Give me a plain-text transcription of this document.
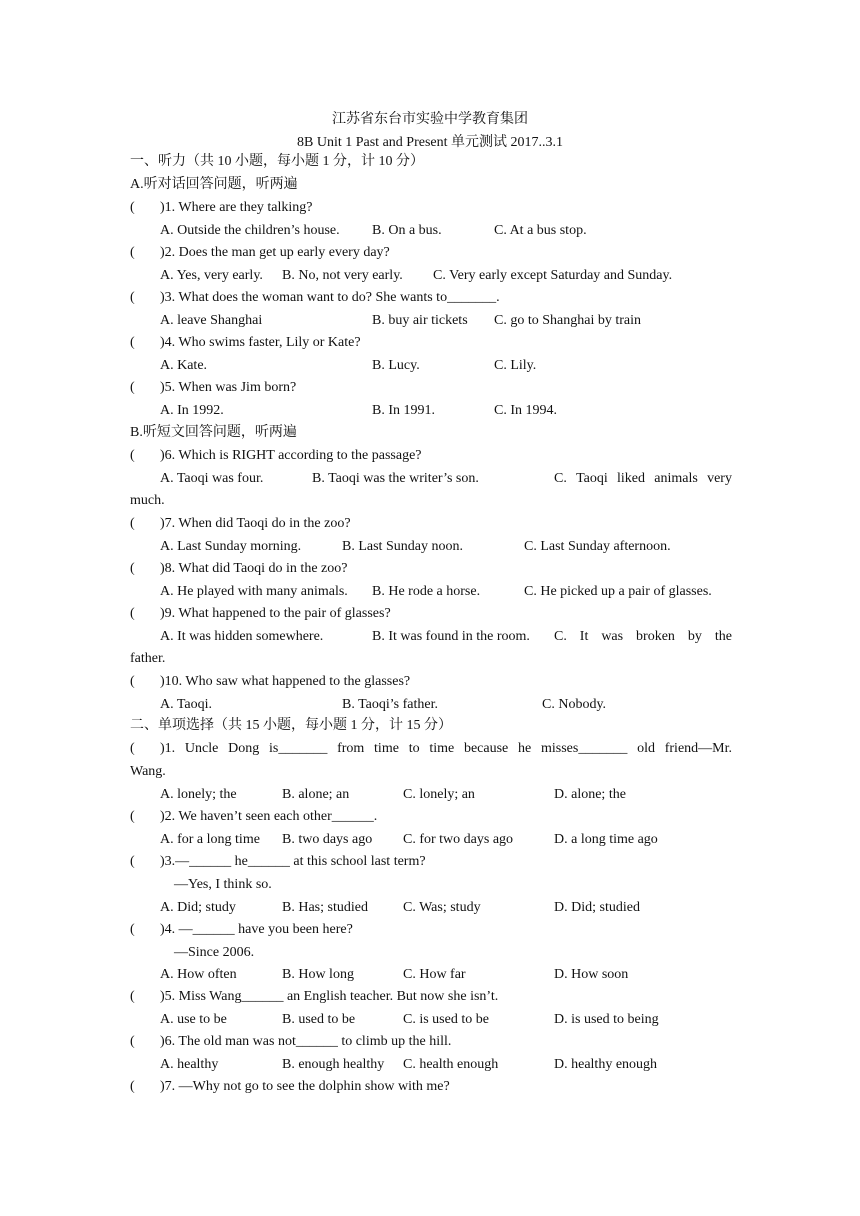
江苏省东台市实验中学教育集团
8B Unit 1 Past and Present 单元测试 2017..3.1
一、听力（共 10 小题，每小题 1 分，计 10 分）
A.听对话回答问题，听两遍
( )1. Where are they talking?
A. Outside the children’s house. B. On a bus.	C. At a bus stop.
( )2. Does the man get up early every day?
A. Yes, very early. B. No, not very early. C. Very early except Saturday and Sunday.
( )3. What does the woman want to do? She wants to_______.
A. leave Shanghai	B. buy air tickets C. go to Shanghai by train
( )4. Who swims faster, Lily or Kate?
A. Kate.	B. Lucy.	C. Lily.
( )5. When was Jim born?
A. In 1992.	B. In 1991.	C. In 1994.
B.听短文回答问题，听两遍
( )6. Which is RIGHT according to the passage?
A. Taoqi was four.	B. Taoqi was the writer’s son.	C. Taoqi liked animals very
much.
( )7. When did Taoqi do in the zoo?
A. Last Sunday morning.	B. Last Sunday noon.	C. Last Sunday afternoon.
( )8. What did Taoqi do in the zoo?
A. He played with many animals. B. He rode a horse.	C. He picked up a pair of glasses.
( )9. What happened to the pair of glasses?
A. It was hidden somewhere.	B. It was found in the room. C. It was broken by the
father.
( )10. Who saw what happened to the glasses?
A. Taoqi.	B. Taoqi’s father.	C. Nobody.
二、单项选择（共 15 小题，每小题 1 分，计 15 分）
( )1. Uncle Dong is_______ from time to time because he misses_______ old friend—Mr.
Wang.
A. lonely; the	B. alone; an	C. lonely; an	D. alone; the
( )2. We haven’t seen each other______.
A. for a long time B. two days ago C. for two days ago	D. a long time ago
( )3.—______ he______ at this school last term?
—Yes, I think so.
A. Did; study	B. Has; studied	C. Was; study	D. Did; studied
( )4. —______ have you been here?
—Since 2006.
A. How often	B. How long	C. How far	D. How soon
( )5. Miss Wang______ an English teacher. But now she isn’t.
A. use to be	B. used to be	C. is used to be	D. is used to being
( )6. The old man was not______ to climb up the hill.
A. healthy	B. enough healthy C. health enough	D. healthy enough
( )7. —Why not go to see the dolphin show with me?
